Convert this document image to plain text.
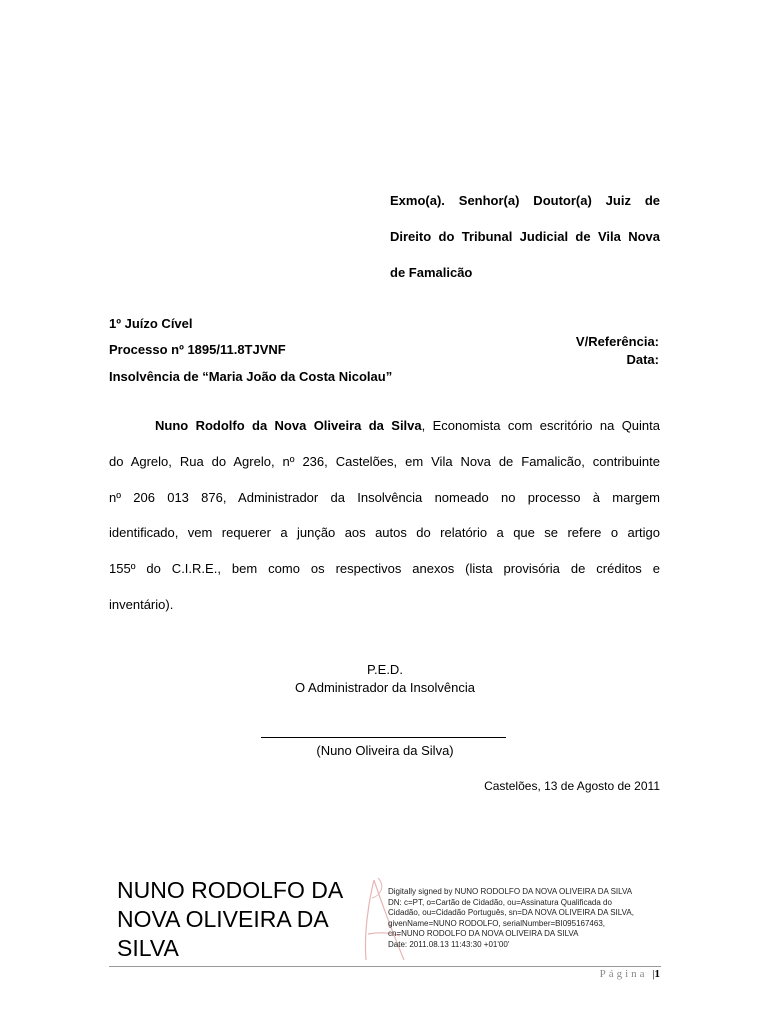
Exmo(a). Senhor(a) Doutor(a) Juiz de
Direito do Tribunal Judicial de Vila Nova
de Famalicão
1º Juízo Cível
Processo nº 1895/11.8TJVNF
Insolvência de “Maria João da Costa Nicolau”
V/Referência:
Data:
Nuno Rodolfo da Nova Oliveira da Silva, Economista com escritório na Quinta
do Agrelo, Rua do Agrelo, nº 236, Castelões, em Vila Nova de Famalicão, contribuinte
nº 206 013 876, Administrador da Insolvência nomeado no processo à margem
identificado, vem requerer a junção aos autos do relatório a que se refere o artigo
155º do C.I.R.E., bem como os respectivos anexos (lista provisória de créditos e
inventário).
P.E.D.
O Administrador da Insolvência
(Nuno Oliveira da Silva)
Castelões, 13 de Agosto de 2011
NUNO RODOLFO DA
NOVA OLIVEIRA DA
SILVA
Digitally signed by NUNO RODOLFO DA NOVA OLIVEIRA DA SILVA
DN: c=PT, o=Cartão de Cidadão, ou=Assinatura Qualificada do
Cidadão, ou=Cidadão Português, sn=DA NOVA OLIVEIRA DA SILVA,
givenName=NUNO RODOLFO, serialNumber=BI095167463,
cn=NUNO RODOLFO DA NOVA OLIVEIRA DA SILVA
Date: 2011.08.13 11:43:30 +01'00'
Página |1
